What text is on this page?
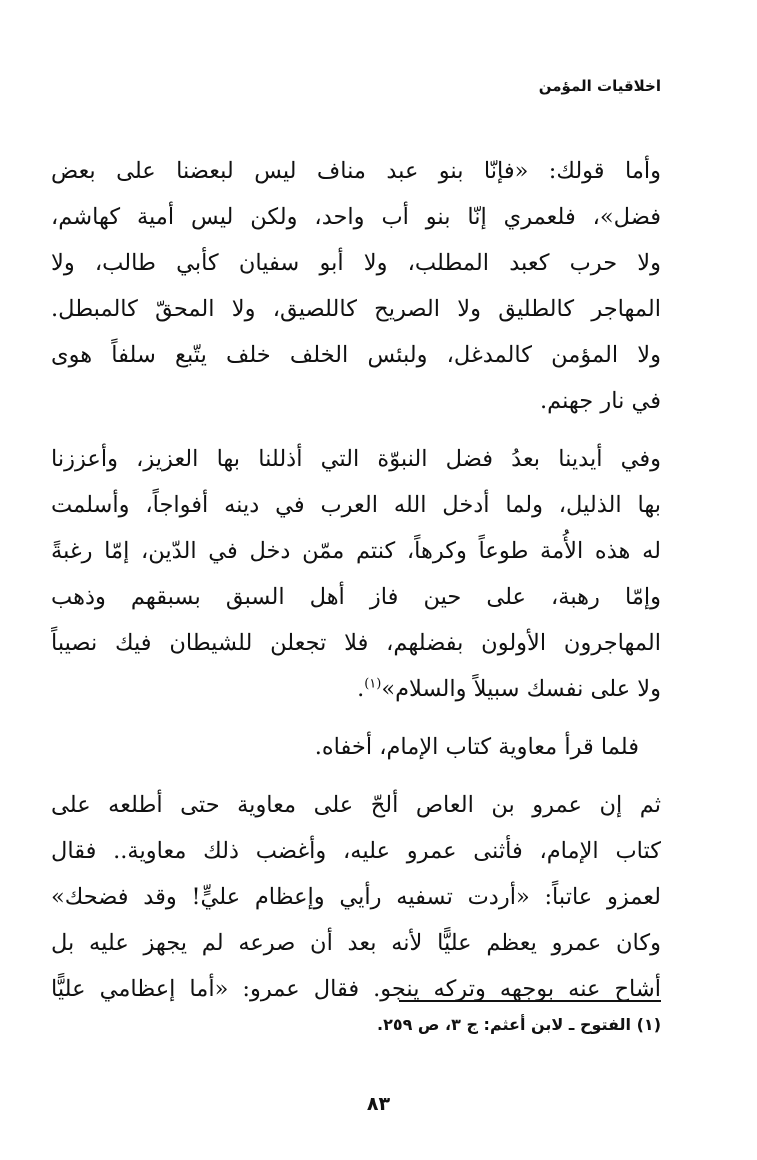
اخلاقيات المؤمن
وأما قولك: «فإنّا بنو عبد مناف ليس لبعضنا على بعض
فضل»، فلعمري إنّا بنو أب واحد، ولكن ليس أمية كهاشم،
ولا حرب كعبد المطلب، ولا أبو سفيان كأبي طالب، ولا
المهاجر كالطليق ولا الصريح كاللصيق، ولا المحقّ كالمبطل.
ولا المؤمن كالمدغل، ولبئس الخلف خلف يتّبع سلفاً هوى
في نار جهنم.
وفي أيدينا بعدُ فضل النبوّة التي أذللنا بها العزيز، وأعززنا
بها الذليل، ولما أدخل الله العرب في دينه أفواجاً، وأسلمت
له هذه الأُمة طوعاً وكرهاً، كنتم ممّن دخل في الدّين، إمّا رغبةً
وإمّا رهبة، على حين فاز أهل السبق بسبقهم وذهب
المهاجرون الأولون بفضلهم، فلا تجعلن للشيطان فيك نصيباً
ولا على نفسك سبيلاً والسلام»$^{(١)}$.
فلما قرأ معاوية كتاب الإمام، أخفاه.
ثم إن عمرو بن العاص ألحّ على معاوية حتى أطلعه على
كتاب الإمام، فأثنى عمرو عليه، وأغضب ذلك معاوية.. فقال
لعمزو عاتباً: «أردت تسفيه رأيي وإعظام عليٍّ! وقد فضحك»
وكان عمرو يعظم عليًّا لأنه بعد أن صرعه لم يجهز عليه بل
أشاح عنه بوجهه وتركه ينجو. فقال عمرو: «أما إعظامي عليًّا
(١) الفتوح ـ لابن أعثم: ج ٣، ص ٢٥٩.
٨٣
